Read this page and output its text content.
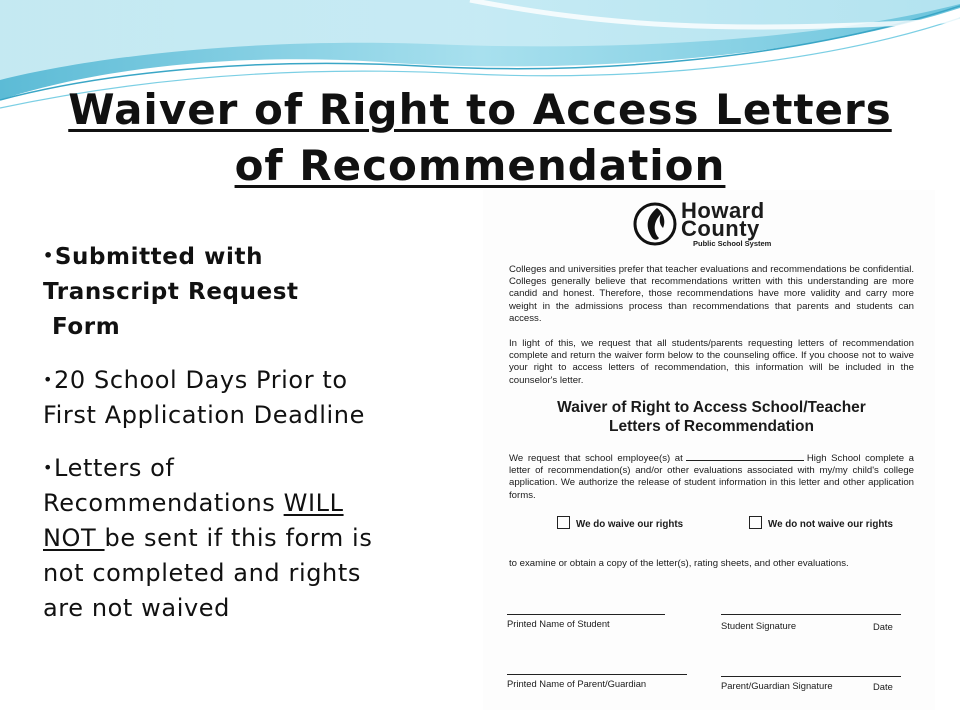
Waiver of Right to Access Letters
of Recommendation
•Submitted with
Transcript Request
Form
•20 School Days Prior to
First Application Deadline
•Letters of
Recommendations WILL
NOT be sent if this form is
not completed and rights
are not waived
Howard
County
Public School System
Colleges and universities prefer that teacher evaluations and recommendations be confidential. Colleges generally believe that recommendations written with this understanding are more candid and honest. Therefore, those recommendations have more validity and carry more weight in the admissions process than recommendations that parents and students can access.
In light of this, we request that all students/parents requesting letters of recommendation complete and return the waiver form below to the counseling office. If you choose not to waive your right to access letters of recommendation, this information will be included in the counselor's letter.
Waiver of Right to Access School/Teacher
Letters of Recommendation
We request that school employee(s) at	High School complete a letter of recommendation(s) and/or other evaluations associated with my/my child's college application. We authorize the release of student information in this letter and other application forms.
We do waive our rights	We do not waive our rights
to examine or obtain a copy of the letter(s), rating sheets, and other evaluations.
Printed Name of Student	Student Signature	Date
Printed Name of Parent/Guardian	Parent/Guardian Signature	Date
